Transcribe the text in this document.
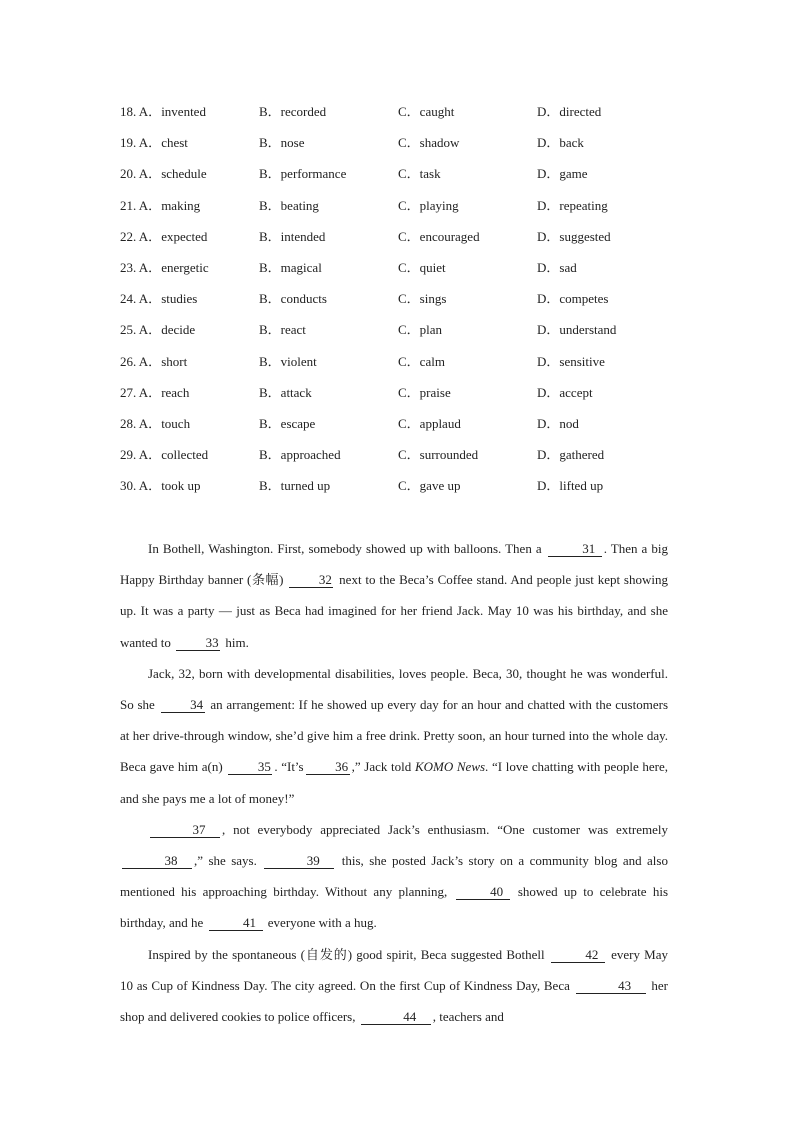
18. A．invented	B．recorded	C．caught	D．directed
19. A．chest	B．nose	C．shadow	D．back
20. A．schedule	B．performance	C．task	D．game
21. A．making	B．beating	C．playing	D．repeating
22. A．expected	B．intended	C．encouraged	D．suggested
23. A．energetic	B．magical	C．quiet	D．sad
24. A．studies	B．conducts	C．sings	D．competes
25. A．decide	B．react	C．plan	D．understand
26. A．short	B．violent	C．calm	D．sensitive
27. A．reach	B．attack	C．praise	D．accept
28. A．touch	B．escape	C．applaud	D．nod
29. A．collected	B．approached	C．surrounded	D．gathered
30. A．took up	B．turned up	C．gave up	D．lifted up

In Bothell, Washington. First, somebody showed up with balloons. Then a	31 . Then a big Happy Birthday banner (条幅) 32 next to the Beca’s Coffee stand. And people just kept showing up. It was a party — just as Beca had imagined for her friend Jack. May 10 was his birthday, and she wanted to 33 him.

Jack, 32, born with developmental disabilities, loves people. Beca, 30, thought he was wonderful. So she 34 an arrangement: If he showed up every day for an hour and chatted with the customers at her drive-through window, she’d give him a free drink. Pretty soon, an hour turned into the whole day. Beca gave him a(n) 35 . “It’s 36 ,” Jack told KOMO News. “I love chatting with people here, and she pays me a lot of money!”

37 , not everybody appreciated Jack’s enthusiasm. “One customer was extremely 38 ,” she says.	39 this, she posted Jack’s story on a community blog and also mentioned his approaching birthday. Without any planning,	40 showed up to celebrate his birthday, and he	41 everyone with a hug.

Inspired by the spontaneous (自发的) good spirit, Beca suggested Bothell	42 every May 10 as Cup of Kindness Day. The city agreed. On the first Cup of Kindness Day, Beca	43 her shop and delivered cookies to police officers,	44 , teachers and
